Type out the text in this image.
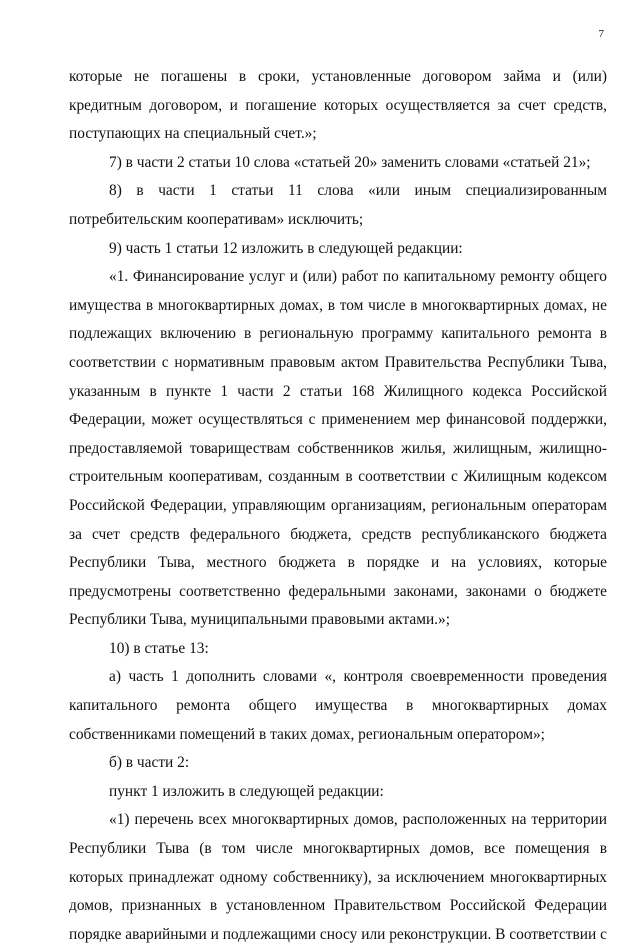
7

которые не погашены в сроки, установленные договором займа и (или) кредитным договором, и погашение которых осуществляется за счет средств, поступающих на специальный счет.»;

7) в части 2 статьи 10 слова «статьей 20» заменить словами «статьей 21»;

8) в части 1 статьи 11 слова «или иным специализированным потребительским кооперативам» исключить;

9) часть 1 статьи 12 изложить в следующей редакции:

«1. Финансирование услуг и (или) работ по капитальному ремонту общего имущества в многоквартирных домах, в том числе в многоквартирных домах, не подлежащих включению в региональную программу капитального ремонта в соответствии с нормативным правовым актом Правительства Республики Тыва, указанным в пункте 1 части 2 статьи 168 Жилищного кодекса Российской Федерации, может осуществляться с применением мер финансовой поддержки, предоставляемой товариществам собственников жилья, жилищным, жилищно-строительным кооперативам, созданным в соответствии с Жилищным кодексом Российской Федерации, управляющим организациям, региональным операторам за счет средств федерального бюджета, средств республиканского бюджета Республики Тыва, местного бюджета в порядке и на условиях, которые предусмотрены соответственно федеральными законами, законами о бюджете Республики Тыва, муниципальными правовыми актами.»;

10) в статье 13:

а) часть 1 дополнить словами «, контроля своевременности проведения капитального ремонта общего имущества в многоквартирных домах собственниками помещений в таких домах, региональным оператором»;

б) в части 2:

пункт 1 изложить в следующей редакции:

«1) перечень всех многоквартирных домов, расположенных на территории Республики Тыва (в том числе многоквартирных домов, все помещения в которых принадлежат одному собственнику), за исключением многоквартирных домов, признанных в установленном Правительством Российской Федерации порядке аварийными и подлежащими сносу или реконструкции. В соответствии с
